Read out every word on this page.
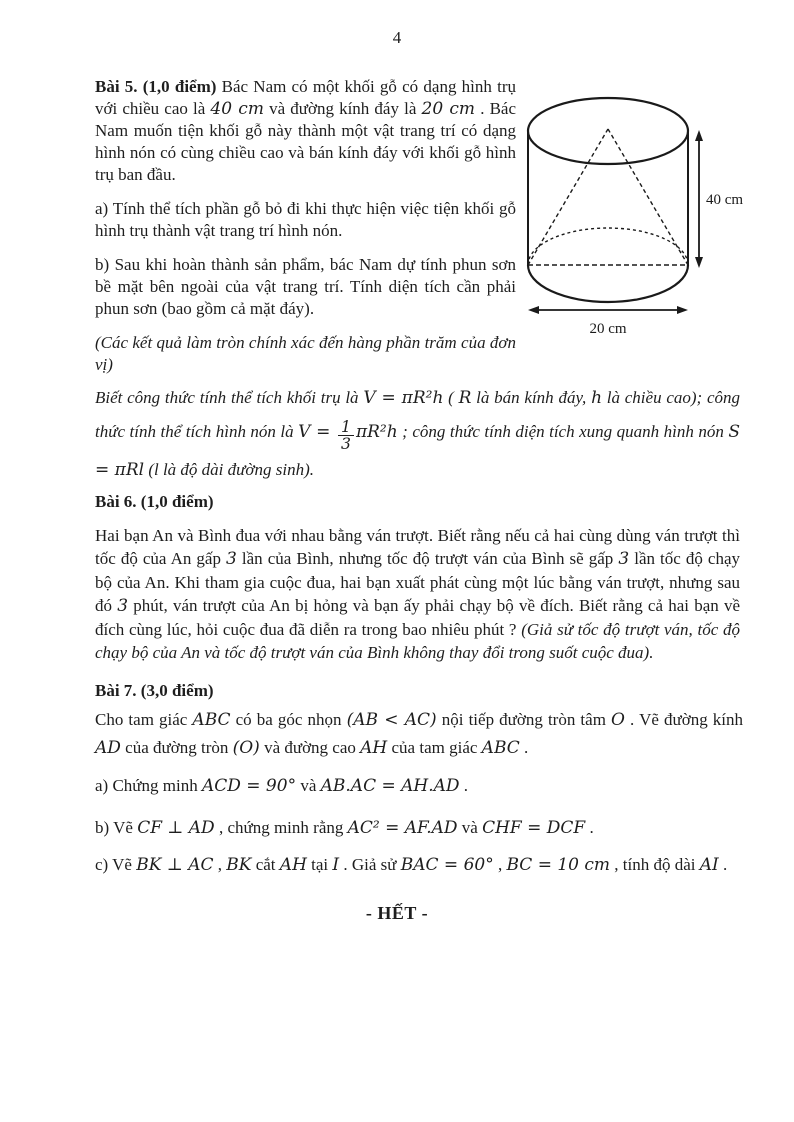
4

Bài 5. (1,0 điểm) Bác Nam có một khối gỗ có dạng hình trụ với chiều cao là 40 cm và đường kính đáy là 20 cm . Bác Nam muốn tiện khối gỗ này thành một vật trang trí có dạng hình nón có cùng chiều cao và bán kính đáy với khối gỗ hình trụ ban đầu.

a) Tính thể tích phần gỗ bỏ đi khi thực hiện việc tiện khối gỗ hình trụ thành vật trang trí hình nón.

b) Sau khi hoàn thành sản phẩm, bác Nam dự tính phun sơn bề mặt bên ngoài của vật trang trí. Tính diện tích cần phải phun sơn (bao gồm cả mặt đáy).

(Các kết quả làm tròn chính xác đến hàng phần trăm của đơn vị)

40 cm
20 cm

Biết công thức tính thể tích khối trụ là V = πR²h ( R là bán kính đáy, h là chiều cao); công thức tính thể tích hình nón là $V = \frac{1}{3} \pi R^2h$ ; công thức tính diện tích xung quanh hình nón S = πRl (l là độ dài đường sinh).

Bài 6. (1,0 điểm)

Hai bạn An và Bình đua với nhau bằng ván trượt. Biết rằng nếu cả hai cùng dùng ván trượt thì tốc độ của An gấp 3 lần của Bình, nhưng tốc độ trượt ván của Bình sẽ gấp 3 lần tốc độ chạy bộ của An. Khi tham gia cuộc đua, hai bạn xuất phát cùng một lúc bằng ván trượt, nhưng sau đó 3 phút, ván trượt của An bị hỏng và bạn ấy phải chạy bộ về đích. Biết rằng cả hai bạn về đích cùng lúc, hỏi cuộc đua đã diễn ra trong bao nhiêu phút ? (Giả sử tốc độ trượt ván, tốc độ chạy bộ của An và tốc độ trượt ván của Bình không thay đổi trong suốt cuộc đua).

Bài 7. (3,0 điểm)

Cho tam giác ABC có ba góc nhọn (AB < AC) nội tiếp đường tròn tâm O . Vẽ đường kính AD của đường tròn (O) và đường cao AH của tam giác ABC .

a) Chứng minh ACD = 90° và AB.AC = AH.AD .

b) Vẽ CF ⊥ AD , chứng minh rằng AC² = AF.AD và CHF = DCF .

c) Vẽ BK ⊥ AC , BK cắt AH tại I . Giả sử BAC = 60° , BC = 10 cm , tính độ dài AI .

- HẾT -
